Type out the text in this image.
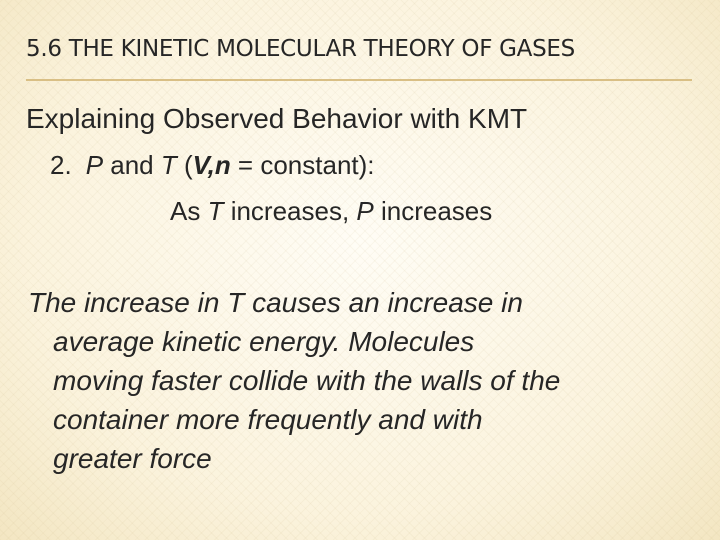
5.6 THE KINETIC MOLECULAR THEORY OF GASES
Explaining Observed Behavior with KMT
2. P and T (V,n = constant):
As T increases, P increases
The increase in T causes an increase in
average kinetic energy. Molecules
moving faster collide with the walls of the
container more frequently and with
greater force
